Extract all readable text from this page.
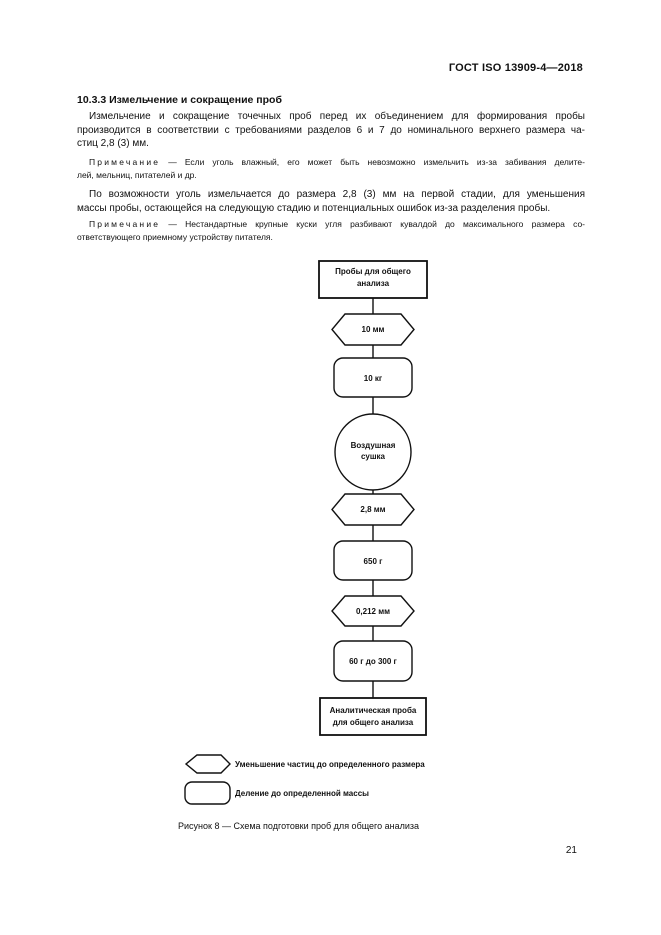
ГОСТ ISO 13909-4—2018
10.3.3 Измельчение и сокращение проб
Измельчение и сокращение точечных проб перед их объединением для формирования пробы
производится в соответствии с требованиями разделов 6 и 7 до номинального верхнего размера ча-
стиц 2,8 (3) мм.
Примечание — Если уголь влажный, его может быть невозможно измельчить из-за забивания делите-
лей, мельниц, питателей и др.
По возможности уголь измельчается до размера 2,8 (3) мм на первой стадии, для уменьшения
массы пробы, остающейся на следующую стадию и потенциальных ошибок из-за разделения пробы.
Примечание — Нестандартные крупные куски угля разбивают кувалдой до максимального размера со-
ответствующего приемному устройству питателя.
Пробы для общего
анализа
10 мм
10 кг
Воздушная
сушка
2,8 мм
650 г
0,212 мм
60 г до 300 г
Аналитическая проба
для общего анализа
Уменьшение частиц до определенного размера
Деление до определенной массы
Рисунок 8 — Схема подготовки проб для общего анализа
21
